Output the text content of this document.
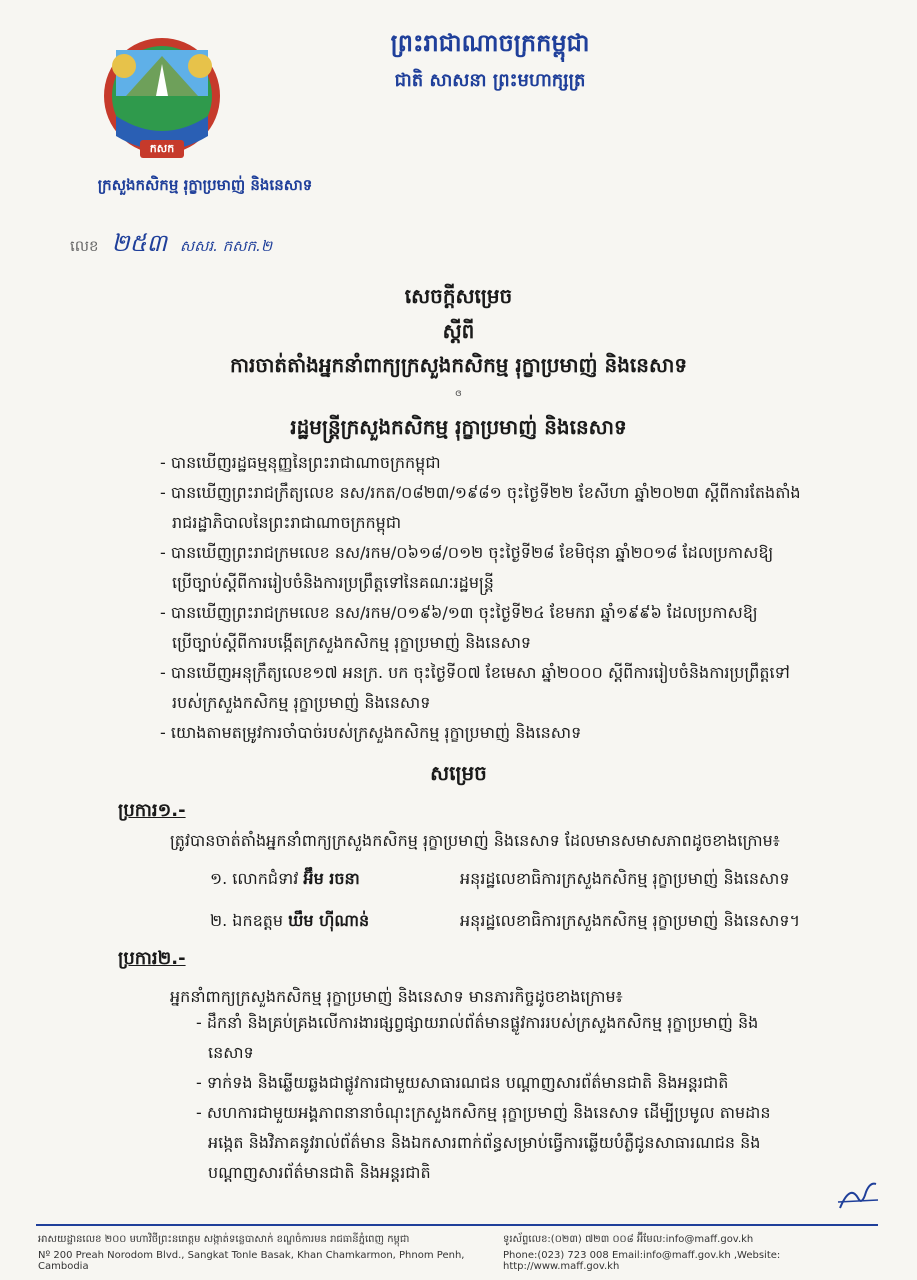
កសក
ព្រះរាជាណាចក្រកម្ពុជា
ជាតិ សាសនា ព្រះមហាក្សត្រ
ក្រសួងកសិកម្ម រុក្ខាប្រមាញ់ និងនេសាទ
លេខ ២៥៣ សសរ. កសក.២
សេចក្តីសម្រេច
ស្តីពី
ការចាត់តាំងអ្នកនាំពាក្យក្រសួងកសិកម្ម រុក្ខាប្រមាញ់ និងនេសាទ
ɞ
រដ្ឋមន្ត្រីក្រសួងកសិកម្ម រុក្ខាប្រមាញ់ និងនេសាទ
- បានឃើញរដ្ឋធម្មនុញ្ញនៃព្រះរាជាណាចក្រកម្ពុជា
- បានឃើញព្រះរាជក្រឹត្យលេខ នស/រកត/០៨២៣/១៩៨១ ចុះថ្ងៃទី២២ ខែសីហា ឆ្នាំ២០២៣ ស្តីពីការតែងតាំង
រាជរដ្ឋាភិបាលនៃព្រះរាជាណាចក្រកម្ពុជា
- បានឃើញព្រះរាជក្រមលេខ នស/រកម/០៦១៨/០១២ ចុះថ្ងៃទី២៨ ខែមិថុនា ឆ្នាំ២០១៨ ដែលប្រកាសឱ្យ
ប្រើច្បាប់ស្តីពីការរៀបចំនិងការប្រព្រឹត្តទៅនៃគណៈរដ្ឋមន្ត្រី
- បានឃើញព្រះរាជក្រមលេខ នស/រកម/០១៩៦/១៣ ចុះថ្ងៃទី២៤ ខែមករា ឆ្នាំ១៩៩៦ ដែលប្រកាសឱ្យ
ប្រើច្បាប់ស្តីពីការបង្កើតក្រសួងកសិកម្ម រុក្ខាប្រមាញ់ និងនេសាទ
- បានឃើញអនុក្រឹត្យលេខ១៧ អនក្រ. បក ចុះថ្ងៃទី០៧ ខែមេសា ឆ្នាំ២០០០ ស្តីពីការរៀបចំនិងការប្រព្រឹត្តទៅ
របស់ក្រសួងកសិកម្ម រុក្ខាប្រមាញ់ និងនេសាទ
- យោងតាមតម្រូវការចាំបាច់របស់ក្រសួងកសិកម្ម រុក្ខាប្រមាញ់ និងនេសាទ
សម្រេច
ប្រការ១.-
ត្រូវបានចាត់តាំងអ្នកនាំពាក្យក្រសួងកសិកម្ម រុក្ខាប្រមាញ់ និងនេសាទ ដែលមានសមាសភាពដូចខាងក្រោម៖
១. លោកជំទាវ អ៊ឹម រចនា	អនុរដ្ឋលេខាធិការក្រសួងកសិកម្ម រុក្ខាប្រមាញ់ និងនេសាទ
២. ឯកឧត្តម ឃឹម ហ៊ីណាន់	អនុរដ្ឋលេខាធិការក្រសួងកសិកម្ម រុក្ខាប្រមាញ់ និងនេសាទ។
ប្រការ២.-
អ្នកនាំពាក្យក្រសួងកសិកម្ម រុក្ខាប្រមាញ់ និងនេសាទ មានភារកិច្ចដូចខាងក្រោម៖
- ដឹកនាំ និងគ្រប់គ្រងលើការងារផ្សព្វផ្សាយរាល់ព័ត៌មានផ្លូវការរបស់ក្រសួងកសិកម្ម រុក្ខាប្រមាញ់ និង
នេសាទ
- ទាក់ទង និងឆ្លើយឆ្លងជាផ្លូវការជាមួយសាធារណជន បណ្តាញសារព័ត៌មានជាតិ និងអន្តរជាតិ
- សហការជាមួយអង្គភាពនានាចំណុះក្រសួងកសិកម្ម រុក្ខាប្រមាញ់ និងនេសាទ ដើម្បីប្រមូល តាមដាន
អង្កេត និងវិភាគនូវរាល់ព័ត៌មាន និងឯកសារពាក់ព័ន្ធសម្រាប់ធ្វើការឆ្លើយបំភ្លឺជូនសាធារណជន និង
បណ្តាញសារព័ត៌មានជាតិ និងអន្តរជាតិ
អាសយដ្ឋានលេខ ២០០ មហាវិថីព្រះនរោត្តម សង្កាត់ទន្លេបាសាក់ ខណ្ឌចំការមន រាជធានីភ្នំពេញ កម្ពុជា
Nº 200 Preah Norodom Blvd., Sangkat Tonle Basak, Khan Chamkarmon, Phnom Penh, Cambodia
ទូរស័ព្ទលេខ:(០២៣) ៧២៣ ០០៨ អ៊ីមែល:info@maff.gov.kh
Phone:(023) 723 008 Email:info@maff.gov.kh ,Website: http://www.maff.gov.kh
